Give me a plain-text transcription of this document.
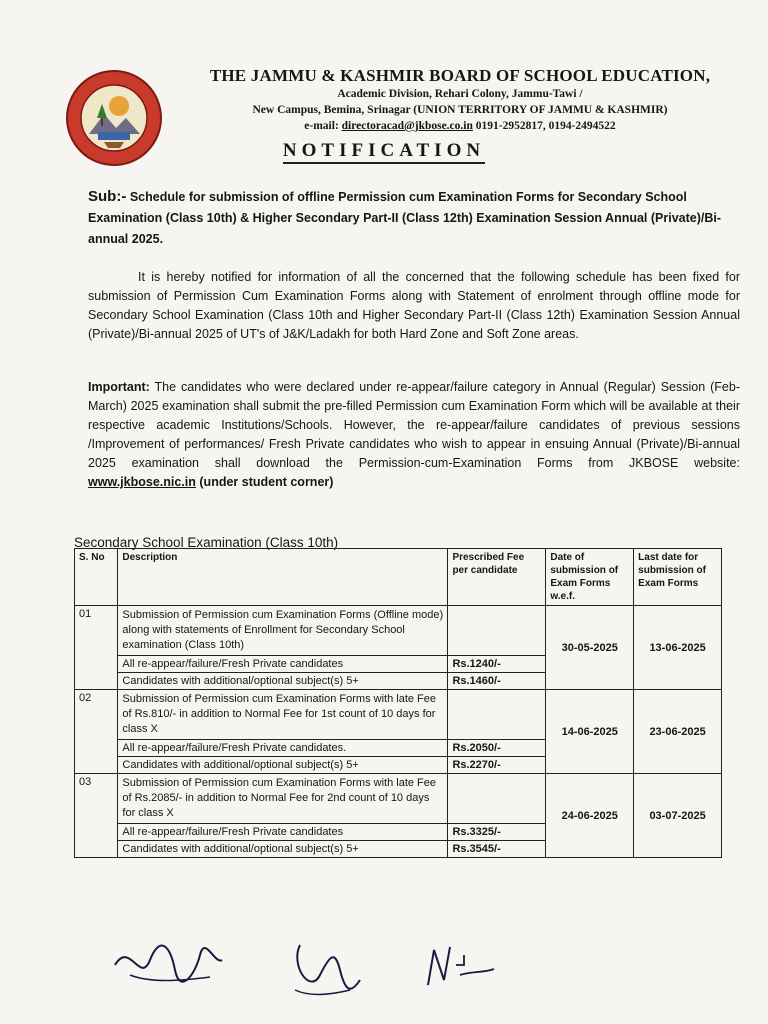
THE JAMMU & KASHMIR BOARD OF SCHOOL EDUCATION,
Academic Division, Rehari Colony, Jammu-Tawi /
New Campus, Bemina, Srinagar (UNION TERRITORY OF JAMMU & KASHMIR)
e-mail: directoracad@jkbose.co.in 0191-2952817, 0194-2494522
NOTIFICATION
Sub:- Schedule for submission of offline Permission cum Examination Forms for Secondary School Examination (Class 10th) & Higher Secondary Part-II (Class 12th) Examination Session Annual (Private)/Bi-annual 2025.
It is hereby notified for information of all the concerned that the following schedule has been fixed for submission of Permission Cum Examination Forms along with Statement of enrolment through offline mode for Secondary School Examination (Class 10th and Higher Secondary Part-II (Class 12th) Examination Session Annual (Private)/Bi-annual 2025 of UT's of J&K/Ladakh for both Hard Zone and Soft Zone areas.
Important: The candidates who were declared under re-appear/failure category in Annual (Regular) Session (Feb-March) 2025 examination shall submit the pre-filled Permission cum Examination Form which will be available at their respective academic Institutions/Schools. However, the re-appear/failure candidates of previous sessions /Improvement of performances/ Fresh Private candidates who wish to appear in ensuing Annual (Private)/Bi-annual 2025 examination shall download the Permission-cum-Examination Forms from JKBOSE website: www.jkbose.nic.in (under student corner)
Secondary School Examination (Class 10th)
S. No	Description	Prescribed Fee per candidate	Date of submission of Exam Forms w.e.f.	Last date for submission of Exam Forms
01	Submission of Permission cum Examination Forms (Offline mode) along with statements of Enrollment for Secondary School examination (Class 10th)		30-05-2025	13-06-2025
	All re-appear/failure/Fresh Private candidates	Rs.1240/-		
	Candidates with additional/optional subject(s) 5+	Rs.1460/-		
02	Submission of Permission cum Examination Forms with late Fee of Rs.810/- in addition to Normal Fee for 1st count of 10 days for class X		14-06-2025	23-06-2025
	All re-appear/failure/Fresh Private candidates.	Rs.2050/-		
	Candidates with additional/optional subject(s) 5+	Rs.2270/-		
03	Submission of Permission cum Examination Forms with late Fee of Rs.2085/- in addition to Normal Fee for 2nd count of 10 days for class X		24-06-2025	03-07-2025
	All re-appear/failure/Fresh Private candidates	Rs.3325/-		
	Candidates with additional/optional subject(s) 5+	Rs.3545/-		
